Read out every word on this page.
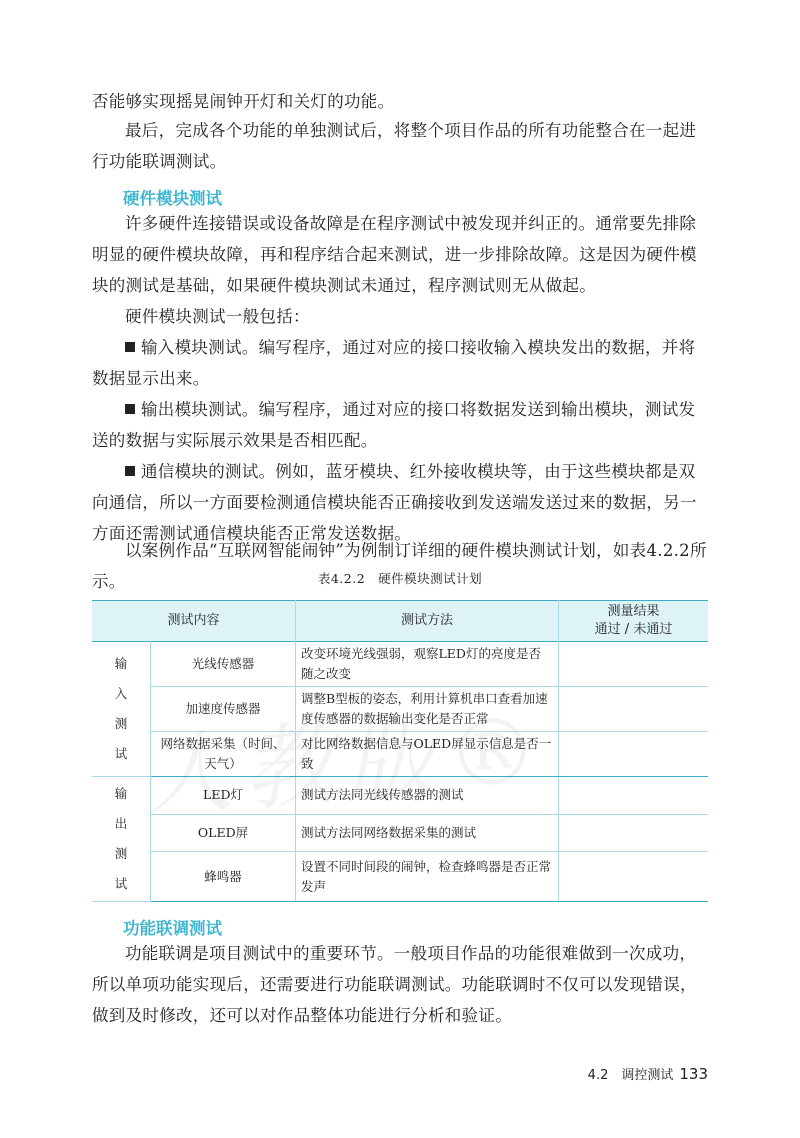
否能够实现摇晃闹钟开灯和关灯的功能。

最后，完成各个功能的单独测试后，将整个项目作品的所有功能整合在一起进行功能联调测试。

硬件模块测试

许多硬件连接错误或设备故障是在程序测试中被发现并纠正的。通常要先排除明显的硬件模块故障，再和程序结合起来测试，进一步排除故障。这是因为硬件模块的测试是基础，如果硬件模块测试未通过，程序测试则无从做起。

硬件模块测试一般包括：

输入模块测试。编写程序，通过对应的接口接收输入模块发出的数据，并将数据显示出来。

输出模块测试。编写程序，通过对应的接口将数据发送到输出模块，测试发送的数据与实际展示效果是否相匹配。

通信模块的测试。例如，蓝牙模块、红外接收模块等，由于这些模块都是双向通信，所以一方面要检测通信模块能否正确接收到发送端发送过来的数据，另一方面还需测试通信模块能否正常发送数据。

以案例作品“互联网智能闹钟”为例制订详细的硬件模块测试计划，如表4.2.2所示。	表4.2.2　硬件模块测试计划
测试内容		测试方法	测量结果
通过 / 未通过

输
入
测
试	光线传感器	改变环境光线强弱，观察LED灯的亮度是否随之改变	
	加速度传感器	调整B型板的姿态，利用计算机串口查看加速度传感器的数据输出变化是否正常	
	网络数据采集（时间、天气）	对比网络数据信息与OLED屏显示信息是否一致	

输
出
测
试	LED灯	测试方法同光线传感器的测试	
	OLED屏	测试方法同网络数据采集的测试	
	蜂鸣器	设置不同时间段的闹钟，检查蜂鸣器是否正常发声	
功能联调测试

功能联调是项目测试中的重要环节。一般项目作品的功能很难做到一次成功，所以单项功能实现后，还需要进行功能联调测试。功能联调时不仅可以发现错误，做到及时修改，还可以对作品整体功能进行分析和验证。

4.2　调控测试 133
